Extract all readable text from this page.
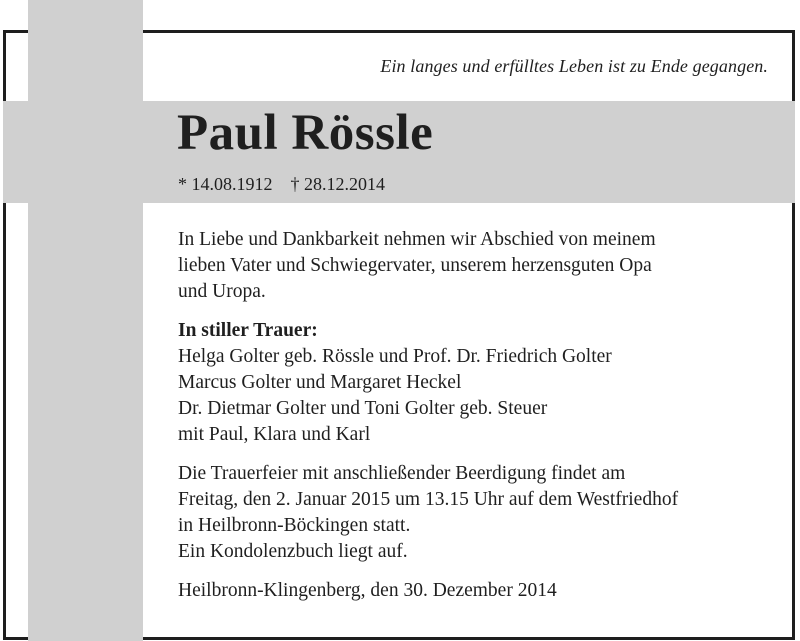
Ein langes und erfülltes Leben ist zu Ende gegangen.
Paul Rössle
* 14.08.1912 † 28.12.2014

In Liebe und Dankbarkeit nehmen wir Abschied von meinem

lieben Vater und Schwiegervater, unserem herzensguten Opa

und Uropa.

In stiller Trauer:

Helga Golter geb. Rössle und Prof. Dr. Friedrich Golter

Marcus Golter und Margaret Heckel

Dr. Dietmar Golter und Toni Golter geb. Steuer

mit Paul, Klara und Karl

Die Trauerfeier mit anschließender Beerdigung findet am

Freitag, den 2. Januar 2015 um 13.15 Uhr auf dem Westfriedhof

in Heilbronn-Böckingen statt.

Ein Kondolenzbuch liegt auf.

Heilbronn-Klingenberg, den 30. Dezember 2014
